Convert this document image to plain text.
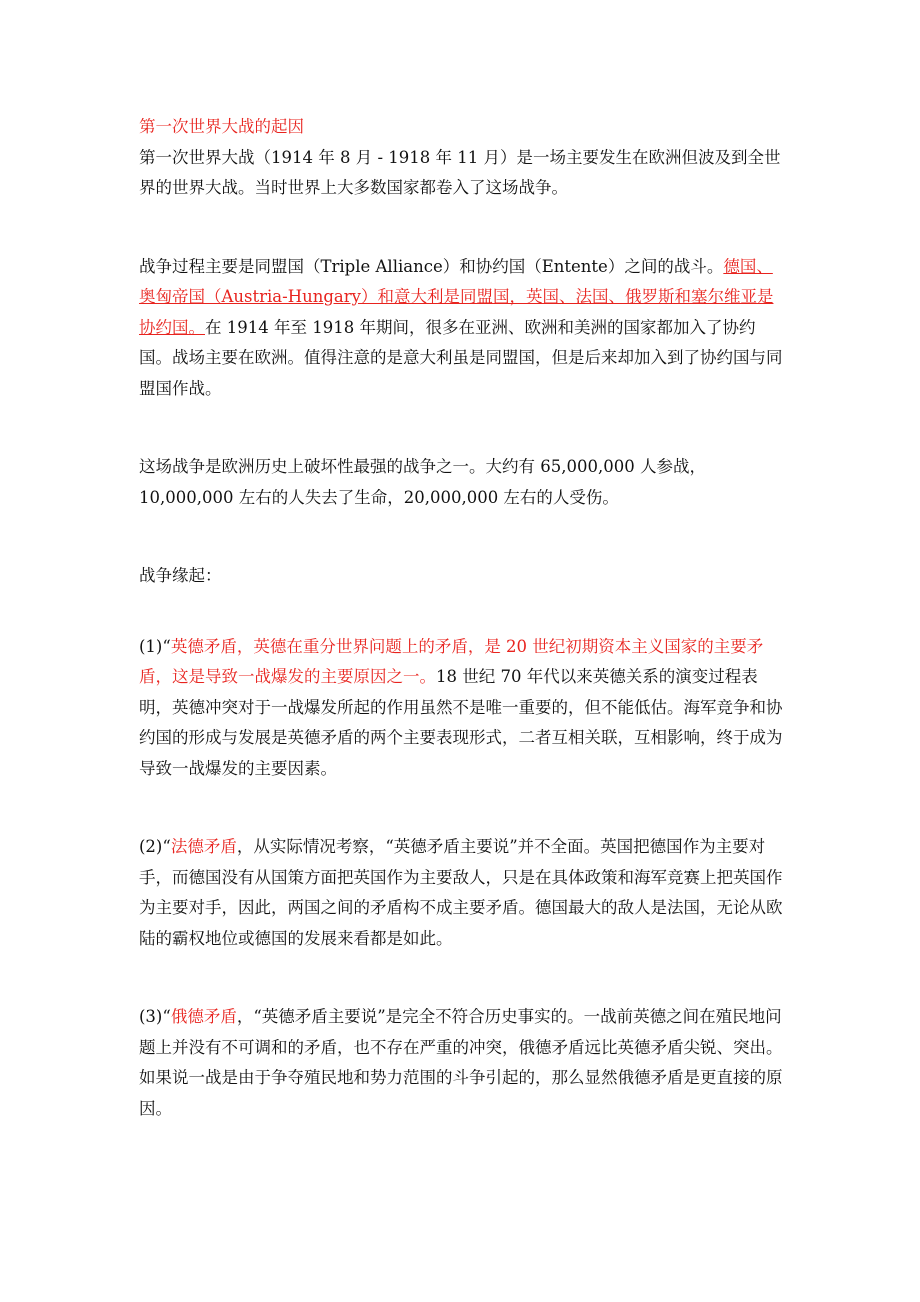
第一次世界大战的起因

第一次世界大战（1914 年 8 月 - 1918 年 11 月）是一场主要发生在欧洲但波及到全世界的世界大战。当时世界上大多数国家都卷入了这场战争。

战争过程主要是同盟国（Triple Alliance）和协约国（Entente）之间的战斗。德国、奥匈帝国（Austria-Hungary）和意大利是同盟国，英国、法国、俄罗斯和塞尔维亚是协约国。在 1914 年至 1918 年期间，很多在亚洲、欧洲和美洲的国家都加入了协约国。战场主要在欧洲。值得注意的是意大利虽是同盟国，但是后来却加入到了协约国与同盟国作战。

这场战争是欧洲历史上破坏性最强的战争之一。大约有 65,000,000 人参战，10,000,000 左右的人失去了生命，20,000,000 左右的人受伤。

战争缘起：

(1)“英德矛盾，英德在重分世界问题上的矛盾，是 20 世纪初期资本主义国家的主要矛盾，这是导致一战爆发的主要原因之一。18 世纪 70 年代以来英德关系的演变过程表明，英德冲突对于一战爆发所起的作用虽然不是唯一重要的，但不能低估。海军竞争和协约国的形成与发展是英德矛盾的两个主要表现形式，二者互相关联，互相影响，终于成为导致一战爆发的主要因素。

(2)“法德矛盾，从实际情况考察，“英德矛盾主要说”并不全面。英国把德国作为主要对手，而德国没有从国策方面把英国作为主要敌人，只是在具体政策和海军竞赛上把英国作为主要对手，因此，两国之间的矛盾构不成主要矛盾。德国最大的敌人是法国，无论从欧陆的霸权地位或德国的发展来看都是如此。

(3)“俄德矛盾，“英德矛盾主要说”是完全不符合历史事实的。一战前英德之间在殖民地问题上并没有不可调和的矛盾，也不存在严重的冲突，俄德矛盾远比英德矛盾尖锐、突出。如果说一战是由于争夺殖民地和势力范围的斗争引起的，那么显然俄德矛盾是更直接的原因。
